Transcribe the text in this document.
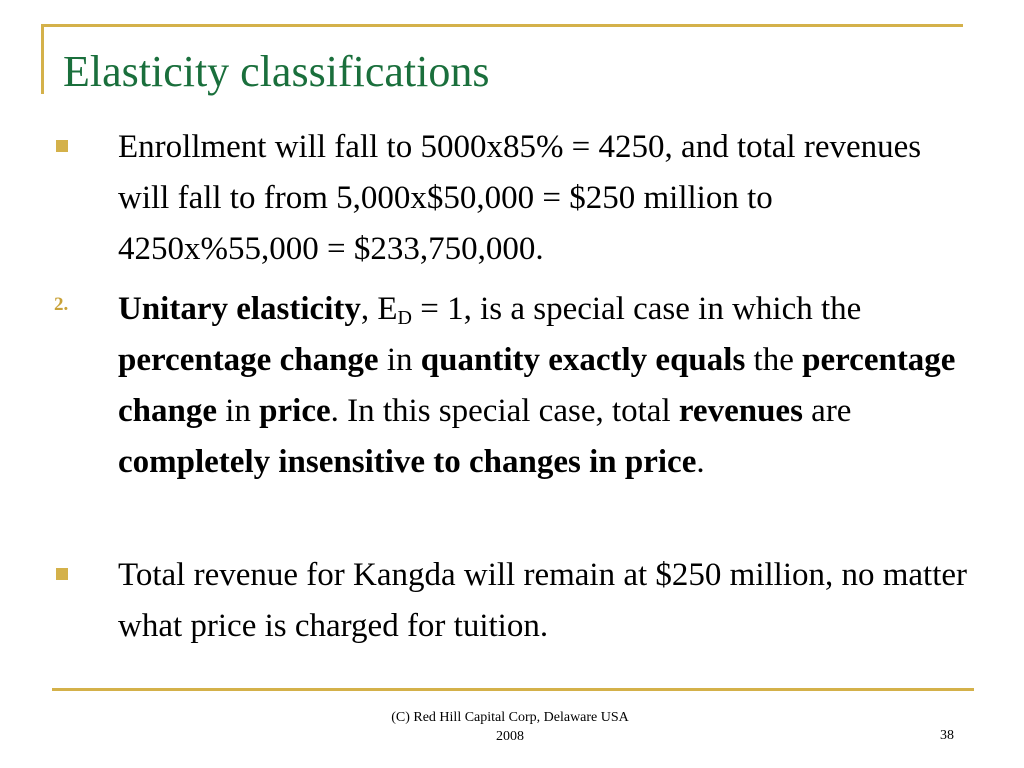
Elasticity classifications
Enrollment will fall to 5000x85% = 4250, and total revenues will fall to from 5,000x$50,000 = $250 million to 4250x%55,000 = $233,750,000.
2. Unitary elasticity, $E_D = 1$, is a special case in which the percentage change in quantity exactly equals the percentage change in price. In this special case, total revenues are completely insensitive to changes in price.
Total revenue for Kangda will remain at $250 million, no matter what price is charged for tuition.
(C) Red Hill Capital Corp, Delaware USA
2008	38
